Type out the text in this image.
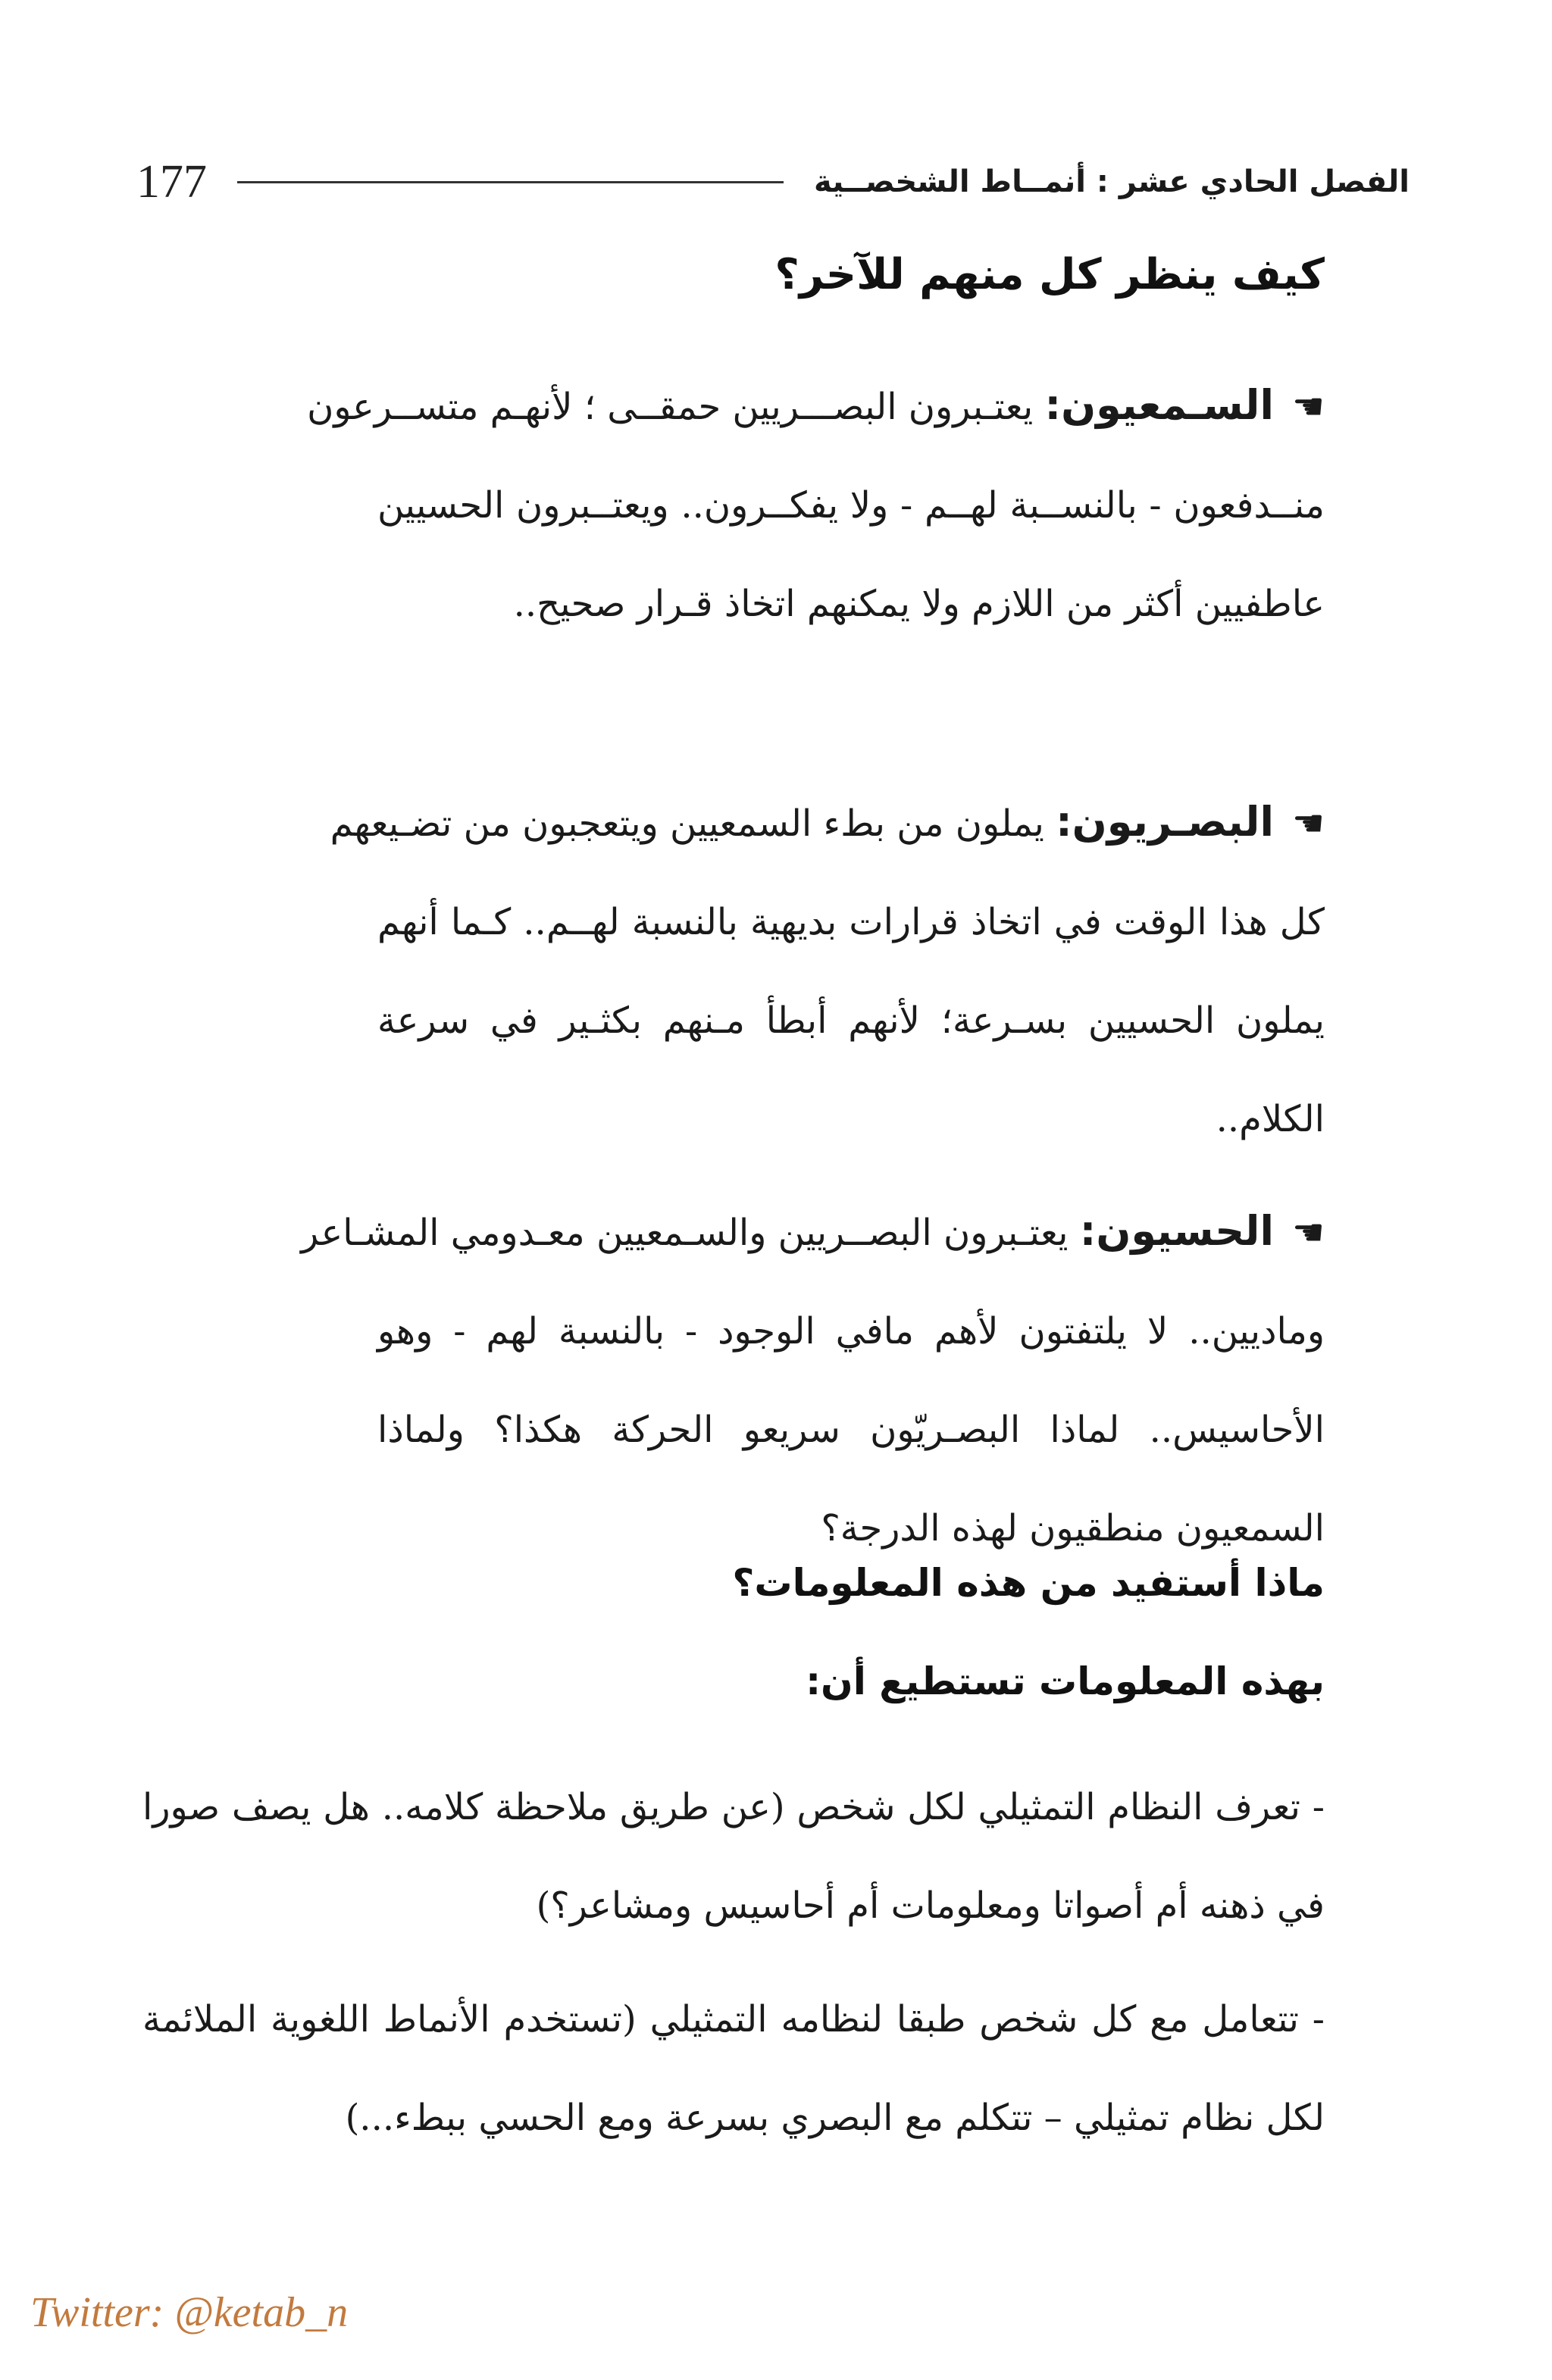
177	الفصل الحادي عشر : أنمــاط الشخصــية
كيف ينظر كل منهم للآخر؟
☛السـمعيون: يعتـبرون البصـــريين حمقــى ؛ لأنهـم متســرعون
منــدفعون - بالنســبة لهــم - ولا يفكــرون.. ويعتــبرون الحسيين عاطفيين أكثر من اللازم ولا يمكنهم اتخاذ قـرار صحيح..
☛البصـريون: يملون من بطء السمعيين ويتعجبون من تضـيعهم
كل هذا الوقت في اتخاذ قرارات بديهية بالنسبة لهــم.. كـما أنهم يملون الحسيين بسـرعة؛ لأنهم أبطأ مـنهم بكثـير في سرعة الكلام..
☛الحسيون: يعتـبرون البصــريين والسـمعيين معـدومي المشـاعر
وماديين.. لا يلتفتون لأهم مافي الوجود - بالنسبة لهم - وهو الأحاسيس.. لماذا البصـريّون سريعو الحركة هكذا؟ ولماذا السمعيون منطقيون لهذه الدرجة؟
ماذا أستفيد من هذه المعلومات؟
بهذه المعلومات تستطيع أن:
- تعرف النظام التمثيلي لكل شخص (عن طريق ملاحظة كلامه.. هل يصف صورا في ذهنه أم أصواتا ومعلومات أم أحاسيس ومشاعر؟)
- تتعامل مع كل شخص طبقا لنظامه التمثيلي (تستخدم الأنماط اللغوية الملائمة لكل نظام تمثيلي – تتكلم مع البصري بسرعة ومع الحسي ببطء...)
Twitter: @ketab_n
